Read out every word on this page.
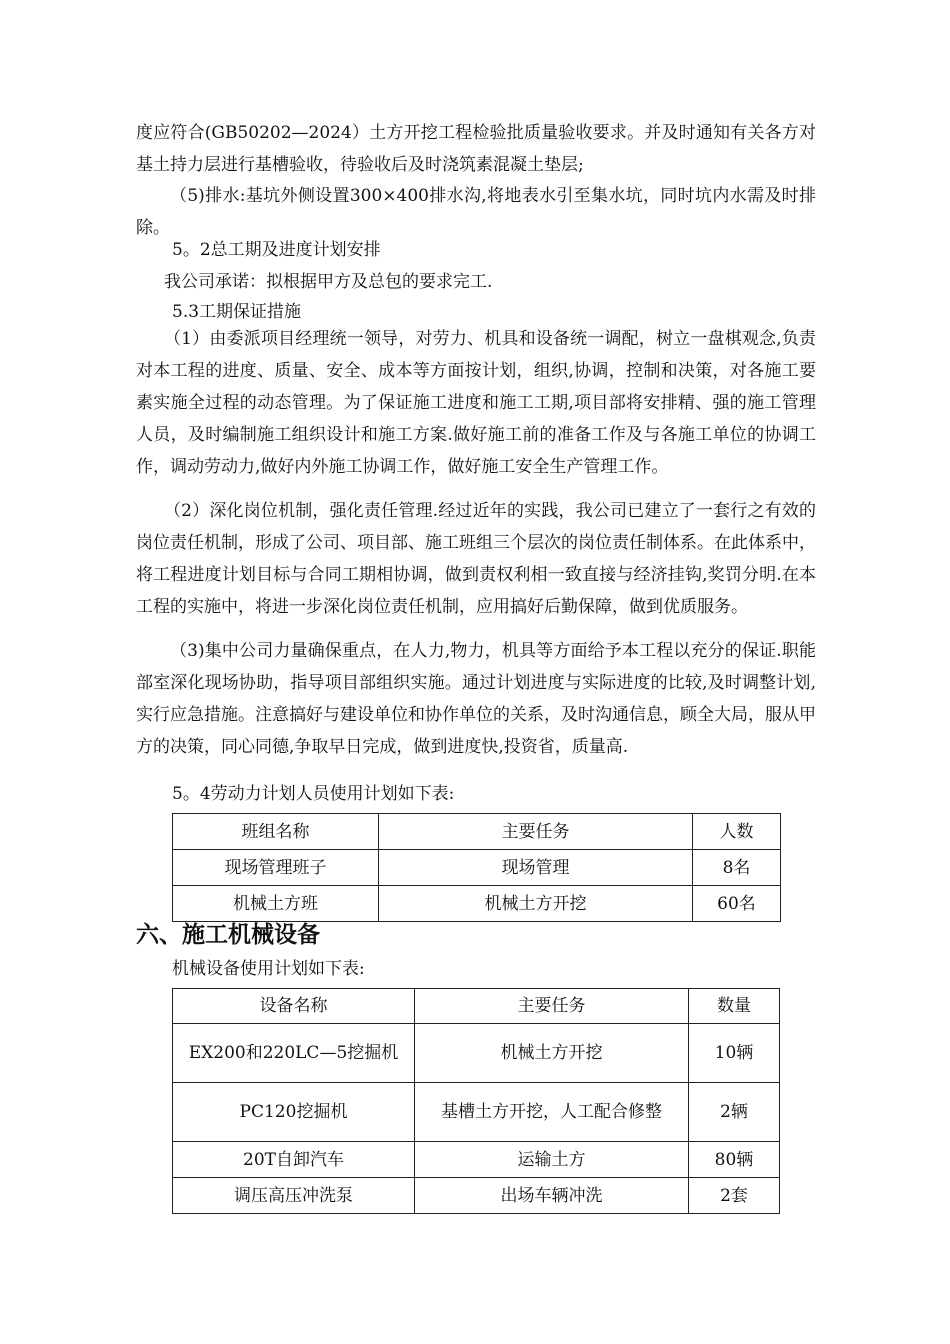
度应符合(GB50202—2024）土方开挖工程检验批质量验收要求。并及时通知有关各方对基土持力层进行基槽验收，待验收后及时浇筑素混凝土垫层;

（5)排水:基坑外侧设置300×400排水沟,将地表水引至集水坑，同时坑内水需及时排除。

5。2总工期及进度计划安排

我公司承诺：拟根据甲方及总包的要求完工.

5.3工期保证措施

（1）由委派项目经理统一领导，对劳力、机具和设备统一调配，树立一盘棋观念,负责对本工程的进度、质量、安全、成本等方面按计划，组织,协调，控制和决策，对各施工要素实施全过程的动态管理。为了保证施工进度和施工工期,项目部将安排精、强的施工管理人员，及时编制施工组织设计和施工方案.做好施工前的准备工作及与各施工单位的协调工作，调动劳动力,做好内外施工协调工作，做好施工安全生产管理工作。

（2）深化岗位机制，强化责任管理.经过近年的实践，我公司已建立了一套行之有效的岗位责任机制，形成了公司、项目部、施工班组三个层次的岗位责任制体系。在此体系中，将工程进度计划目标与合同工期相协调，做到责权利相一致直接与经济挂钩,奖罚分明.在本工程的实施中，将进一步深化岗位责任机制，应用搞好后勤保障，做到优质服务。

（3)集中公司力量确保重点，在人力,物力，机具等方面给予本工程以充分的保证.职能部室深化现场协助，指导项目部组织实施。通过计划进度与实际进度的比较,及时调整计划,实行应急措施。注意搞好与建设单位和协作单位的关系，及时沟通信息，顾全大局，服从甲方的决策，同心同德,争取早日完成，做到进度快,投资省，质量高.

5。4劳动力计划人员使用计划如下表:

班组名称	主要任务	人数
现场管理班子	现场管理	8名
机械土方班	机械土方开挖	60名
六、施工机械设备

机械设备使用计划如下表:

设备名称	主要任务	数量
EX200和220LC—5挖掘机	机械土方开挖	10辆
PC120挖掘机	基槽土方开挖，人工配合修整	2辆
20T自卸汽车	运输土方	80辆
调压高压冲洗泵	出场车辆冲洗	2套
